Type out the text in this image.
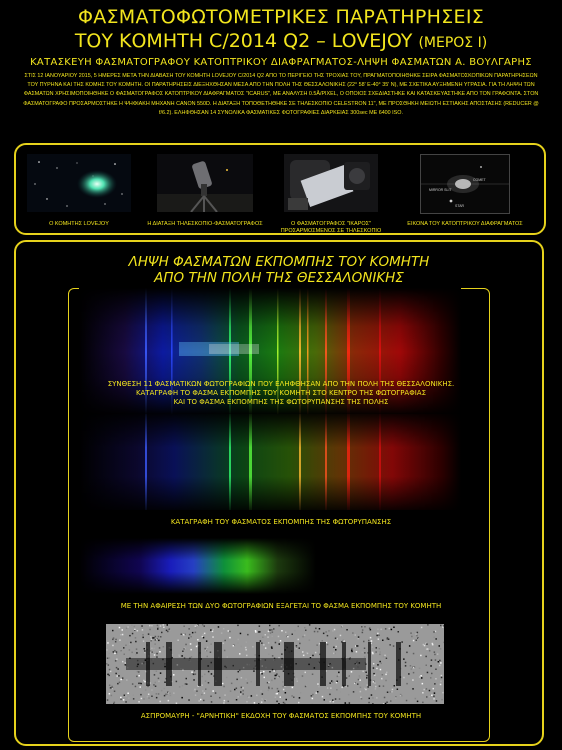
ΦΑΣΜΑΤΟΦΩΤΟΜΕΤΡΙΚΕΣ ΠΑΡΑΤΗΡΗΣΕΙΣ
ΤΟΥ ΚΟΜΗΤΗ C/2014 Q2 – LOVEJOY (ΜΕΡΟΣ Ι)
ΚΑΤΑΣΚΕΥΗ ΦΑΣΜΑΤΟΓΡΑΦΟΥ ΚΑΤΟΠΤΡΙΚΟΥ ΔΙΑΦΡΑΓΜΑΤΟΣ-ΛΗΨΗ ΦΑΣΜΑΤΩΝ Α. ΒΟΥΛΓΑΡΗΣ
ΣΤΙΣ 12 ΙΑΝΟΥΑΡΙΟΥ 2015, 5 ΗΜΕΡΕΣ ΜΕΤΑ ΤΗΝ ΔΙΑΒΑΣΗ ΤΟΥ ΚΟΜΗΤΗ LOVEJOY C/2014 Q2 ΑΠΟ ΤΟ ΠΕΡΙΓΕΙΟ ΤΗΣ ΤΡΟΧΙΑΣ ΤΟΥ, ΠΡΑΓΜΑΤΟΠΟΙΗΘΗΚΕ ΣΕΙΡΑ ΦΑΣΜΑΤΟΣΚΟΠΙΚΩΝ ΠΑΡΑΤΗΡΗΣΕΩΝ ΤΟΥ ΠΥΡΗΝΑ ΚΑΙ ΤΗΣ ΚΟΜΗΣ ΤΟΥ ΚΟΜΗΤΗ. ΟΙ ΠΑΡΑΤΗΡΗΣΕΙΣ ΔΙΕΞΗΧΘΗΣΑΝ ΜΕΣΑ ΑΠΟ ΤΗΝ ΠΟΛΗ ΤΗΣ ΘΕΣΣΑΛΟΝΙΚΗΣ (22° 58' E-40° 35' N), ΜΕ ΣΧΕΤΙΚΑ ΑΥΞΗΜΕΝΗ ΥΓΡΑΣΙΑ. ΓΙΑ ΤΗ ΛΗΨΗ ΤΩΝ ΦΑΣΜΑΤΩΝ ΧΡΗΣΙΜΟΠΟΙΗΘΗΚΕ Ο ΦΑΣΜΑΤΟΓΡΑΦΟΣ ΚΑΤΟΠΤΡΙΚΟΥ ΔΙΑΦΡΑΓΜΑΤΟΣ "ICARUS", ΜΕ ΑΝΑΛΥΣΗ 0.5Å/PIXEL, Ο ΟΠΟΙΟΣ ΣΧΕΔΙΑΣΤΗΚΕ ΚΑΙ ΚΑΤΑΣΚΕΥΑΣΤΗΚΕ ΑΠΟ ΤΟΝ ΓΡΑΦΟΝΤΑ. ΣΤΟΝ ΦΑΣΜΑΤΟΓΡΑΦΟ ΠΡΟΣΑΡΜΟΣΤΗΚΕ Η ΨΗΦΙΑΚΗ ΜΗΧΑΝΗ CANON 550D. Η ΔΙΑΤΑΞΗ ΤΟΠΟΘΕΤΗΘΗΚΕ ΣΕ ΤΗΛΕΣΚΟΠΙΟ CELESTRON 11", ΜΕ ΠΡΟΣΘΗΚΗ ΜΕΙΩΤΗ ΕΣΤΙΑΚΗΣ ΑΠΟΣΤΑΣΗΣ (REDUCER @ f/6.2). ΕΛΗΦΘΗΣΑΝ 14 ΣΥΝΟΛΙΚΑ ΦΑΣΜΑΤΙΚΕΣ ΦΩΤΟΓΡΑΦΙΕΣ ΔΙΑΡΚΕΙΑΣ 300sec ΜΕ 6400 ISO.
Ο ΚΟΜΗΤΗΣ LOVEJOY	Η ΔΙΑΤΑΞΗ ΤΗΛΕΣΚΟΠΙΟ-ΦΑΣΜΑΤΟΓΡΑΦΟΣ	Ο ΦΑΣΜΑΤΟΓΡΑΦΟΣ "ΙΚΑΡΟΣ"
ΠΡΟΣΑΡΜΟΣΜΕΝΟΣ ΣΕ ΤΗΛΕΣΚΟΠΙΟ
COMET
MIRROR SLIT
STAR
ΕΙΚΟΝΑ ΤΟΥ ΚΑΤΟΠΤΡΙΚΟΥ ΔΙΑΦΡΑΓΜΑΤΟΣ
ΛΗΨΗ ΦΑΣΜΑΤΩΝ ΕΚΠΟΜΠΗΣ ΤΟΥ ΚΟΜΗΤΗ
ΑΠΟ ΤΗΝ ΠΟΛΗ ΤΗΣ ΘΕΣΣΑΛΟΝΙΚΗΣ
ΣΥΝΘΕΣΗ 11 ΦΑΣΜΑΤΙΚΩΝ ΦΩΤΟΓΡΑΦΙΩΝ ΠΟΥ ΕΛΗΦΘΗΣΑΝ ΑΠΟ ΤΗΝ ΠΟΛΗ ΤΗΣ ΘΕΣΣΑΛΟΝΙΚΗΣ.
ΚΑΤΑΓΡΑΦΗ ΤΟ ΦΑΣΜΑ ΕΚΠΟΜΠΗΣ ΤΟΥ ΚΟΜΗΤΗ ΣΤΟ ΚΕΝΤΡΟ ΤΗΣ ΦΩΤΟΓΡΑΦΙΑΣ
ΚΑΙ ΤΟ ΦΑΣΜΑ ΕΚΠΟΜΠΗΣ ΤΗΣ ΦΩΤΟΡΥΠΑΝΣΗΣ ΤΗΣ ΠΟΛΗΣ
ΚΑΤΑΓΡΑΦΗ ΤΟΥ ΦΑΣΜΑΤΟΣ ΕΚΠΟΜΠΗΣ ΤΗΣ ΦΩΤΟΡΥΠΑΝΣΗΣ
ΜΕ ΤΗΝ ΑΦΑΙΡΕΣΗ ΤΩΝ ΔΥΟ ΦΩΤΟΓΡΑΦΙΩΝ ΕΞΑΓΕΤΑΙ ΤΟ ΦΑΣΜΑ ΕΚΠΟΜΠΗΣ ΤΟΥ ΚΟΜΗΤΗ
ΑΣΠΡΟΜΑΥΡΗ - "ΑΡΝΗΤΙΚΗ" ΕΚΔΟΧΗ ΤΟΥ ΦΑΣΜΑΤΟΣ ΕΚΠΟΜΠΗΣ ΤΟΥ ΚΟΜΗΤΗ
